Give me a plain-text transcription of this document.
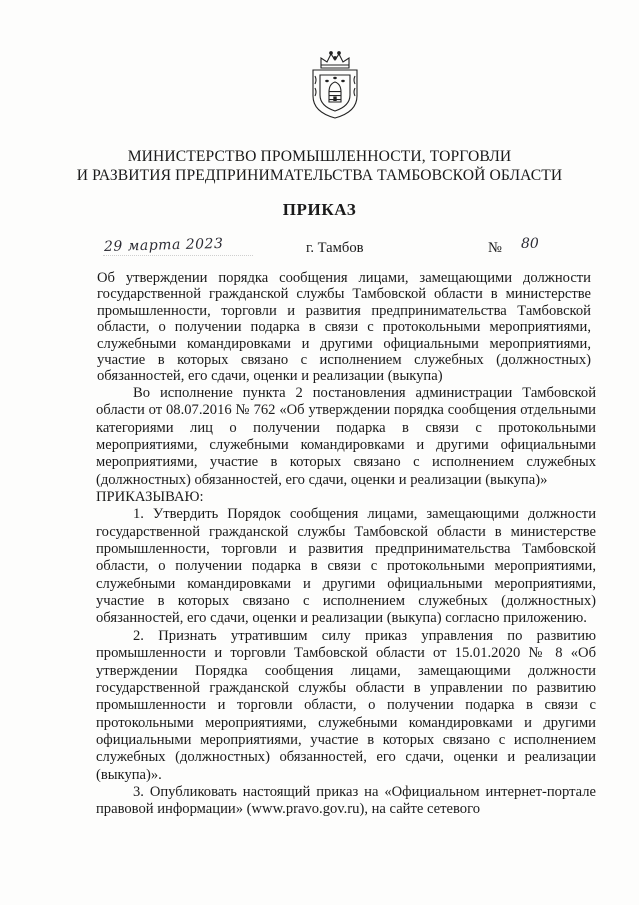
МИНИСТЕРСТВО ПРОМЫШЛЕННОСТИ, ТОРГОВЛИ
И РАЗВИТИЯ ПРЕДПРИНИМАТЕЛЬСТВА ТАМБОВСКОЙ ОБЛАСТИ
ПРИКАЗ
29 марта 2023	г. Тамбов	№ 80
Об утверждении порядка сообщения лицами, замещающими должности государственной гражданской службы Тамбовской области в министерстве промышленности, торговли и развития предпринимательства Тамбовской области, о получении подарка в связи с протокольными мероприятиями, служебными командировками и другими официальными мероприятиями, участие в которых связано с исполнением служебных (должностных) обязанностей, его сдачи, оценки и реализации (выкупа)

Во исполнение пункта 2 постановления администрации Тамбовской области от 08.07.2016 № 762 «Об утверждении порядка сообщения отдельными категориями лиц о получении подарка в связи с протокольными мероприятиями, служебными командировками и другими официальными мероприятиями, участие в которых связано с исполнением служебных (должностных) обязанностей, его сдачи, оценки и реализации (выкупа)»

ПРИКАЗЫВАЮ:

1. Утвердить Порядок сообщения лицами, замещающими должности государственной гражданской службы Тамбовской области в министерстве промышленности, торговли и развития предпринимательства Тамбовской области, о получении подарка в связи с протокольными мероприятиями, служебными командировками и другими официальными мероприятиями, участие в которых связано с исполнением служебных (должностных) обязанностей, его сдачи, оценки и реализации (выкупа) согласно приложению.

2. Признать утратившим силу приказ управления по развитию промышленности и торговли Тамбовской области от 15.01.2020 № 8 «Об утверждении Порядка сообщения лицами, замещающими должности государственной гражданской службы области в управлении по развитию промышленности и торговли области, о получении подарка в связи с протокольными мероприятиями, служебными командировками и другими официальными мероприятиями, участие в которых связано с исполнением служебных (должностных) обязанностей, его сдачи, оценки и реализации (выкупа)».

3. Опубликовать настоящий приказ на «Официальном интернет-портале правовой информации» (www.pravo.gov.ru), на сайте сетевого
